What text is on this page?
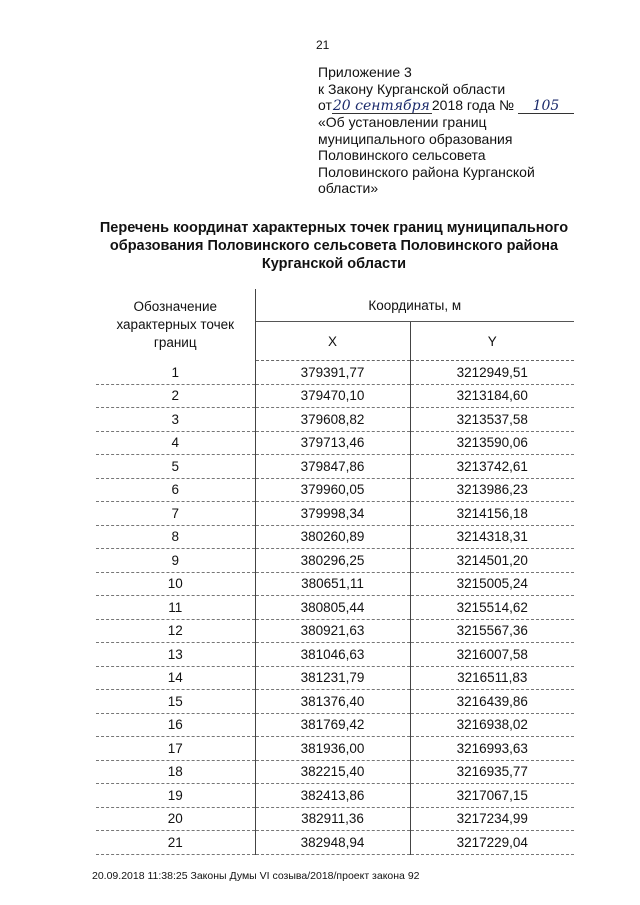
21
Приложение 3
к Закону Курганской области
от20 сентября 2018 года № 105
«Об установлении границ
муниципального образования
Половинского сельсовета
Половинского района Курганской
области»
Перечень координат характерных точек границ муниципального образования Половинского сельсовета Половинского района Курганской области
Обозначение характерных точек границ	Координаты, м	
	X	Y
1	379391,77	3212949,51
2	379470,10	3213184,60
3	379608,82	3213537,58
4	379713,46	3213590,06
5	379847,86	3213742,61
6	379960,05	3213986,23
7	379998,34	3214156,18
8	380260,89	3214318,31
9	380296,25	3214501,20
10	380651,11	3215005,24
11	380805,44	3215514,62
12	380921,63	3215567,36
13	381046,63	3216007,58
14	381231,79	3216511,83
15	381376,40	3216439,86
16	381769,42	3216938,02
17	381936,00	3216993,63
18	382215,40	3216935,77
19	382413,86	3217067,15
20	382911,36	3217234,99
21	382948,94	3217229,04
20.09.2018 11:38:25 Законы Думы VI созыва/2018/проект закона 92
